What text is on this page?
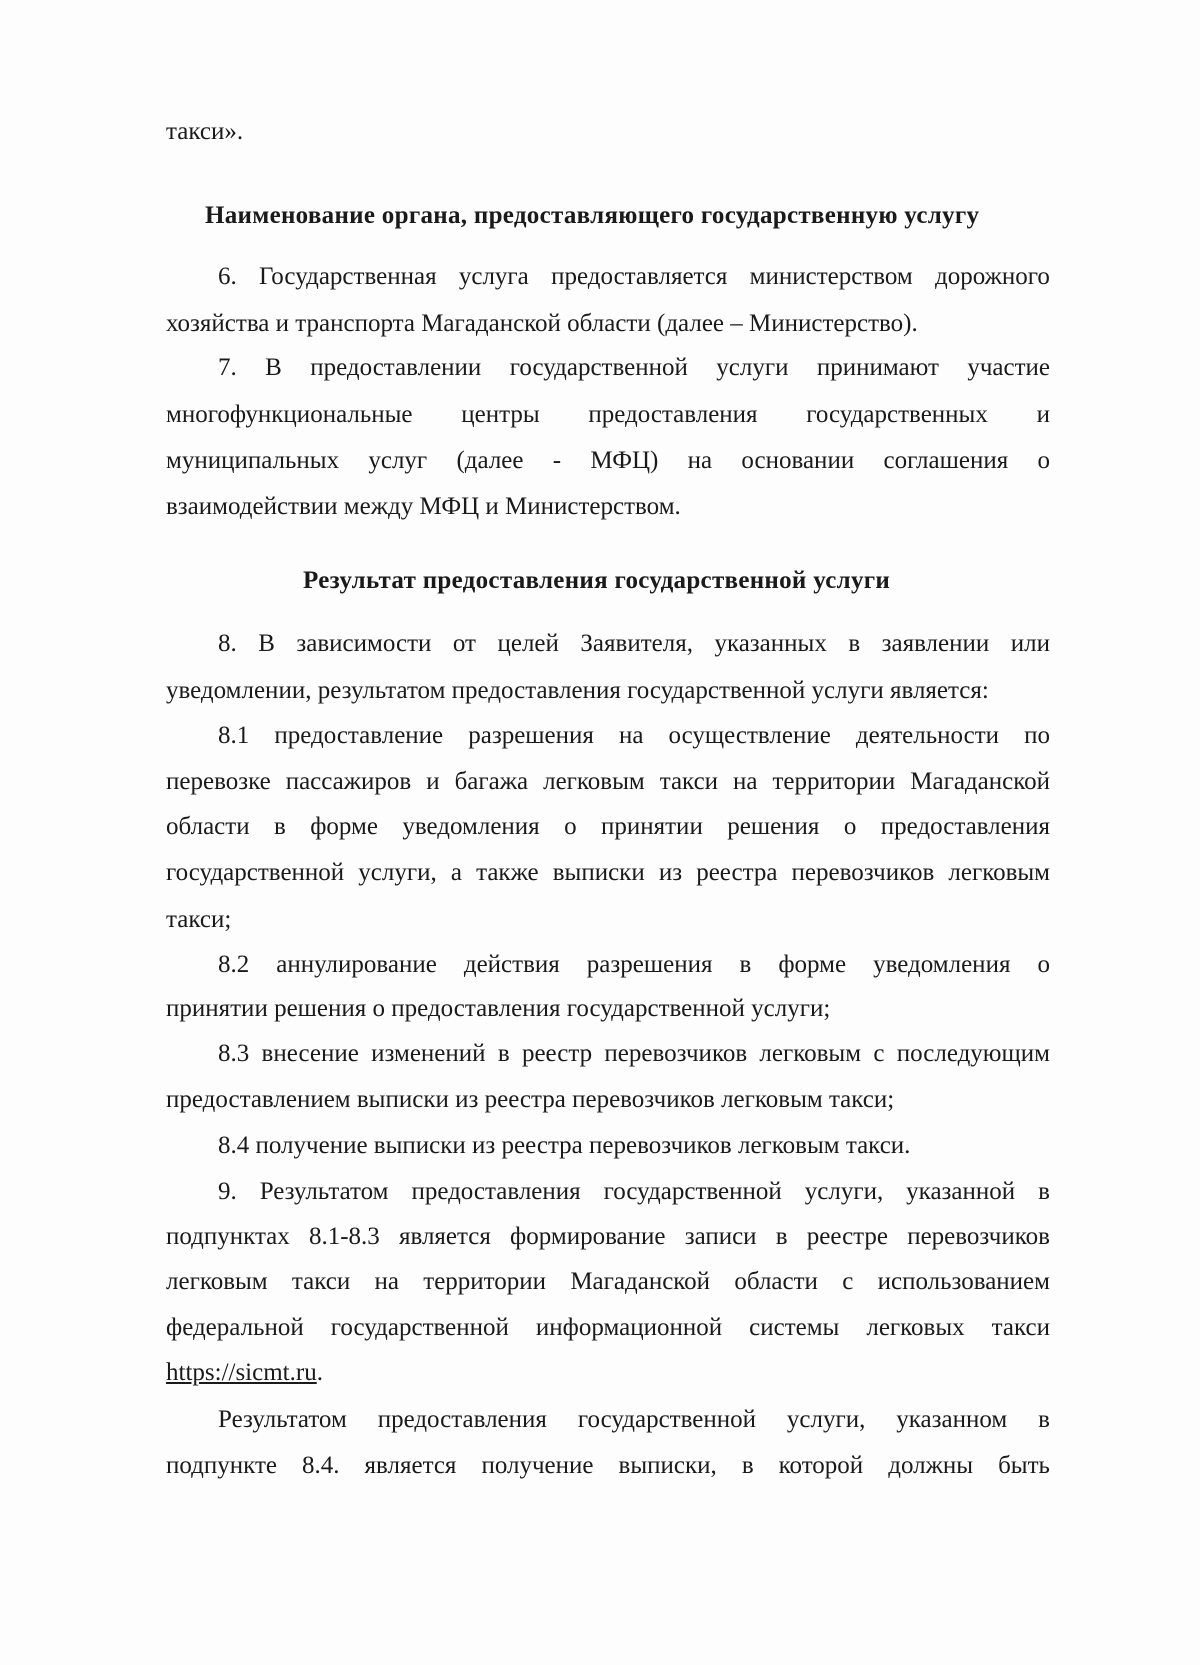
такси».
Наименование органа, предоставляющего государственную услугу
6. Государственная услуга предоставляется министерством дорожного
хозяйства и транспорта Магаданской области (далее – Министерство).
7. В предоставлении государственной услуги принимают участие
многофункциональные центры предоставления государственных и
муниципальных услуг (далее - МФЦ) на основании соглашения о
взаимодействии между МФЦ и Министерством.
Результат предоставления государственной услуги
8. В зависимости от целей Заявителя, указанных в заявлении или
уведомлении, результатом предоставления государственной услуги является:
8.1 предоставление разрешения на осуществление деятельности по
перевозке пассажиров и багажа легковым такси на территории Магаданской
области в форме уведомления о принятии решения о предоставления
государственной услуги, а также выписки из реестра перевозчиков легковым
такси;
8.2 аннулирование действия разрешения в форме уведомления о
принятии решения о предоставления государственной услуги;
8.3 внесение изменений в реестр перевозчиков легковым с последующим
предоставлением выписки из реестра перевозчиков легковым такси;
8.4 получение выписки из реестра перевозчиков легковым такси.
9. Результатом предоставления государственной услуги, указанной в
подпунктах 8.1-8.3 является формирование записи в реестре перевозчиков
легковым такси на территории Магаданской области с использованием
федеральной государственной информационной системы легковых такси
https://sicmt.ru.
Результатом предоставления государственной услуги, указанном в
подпункте 8.4. является получение выписки, в которой должны быть
